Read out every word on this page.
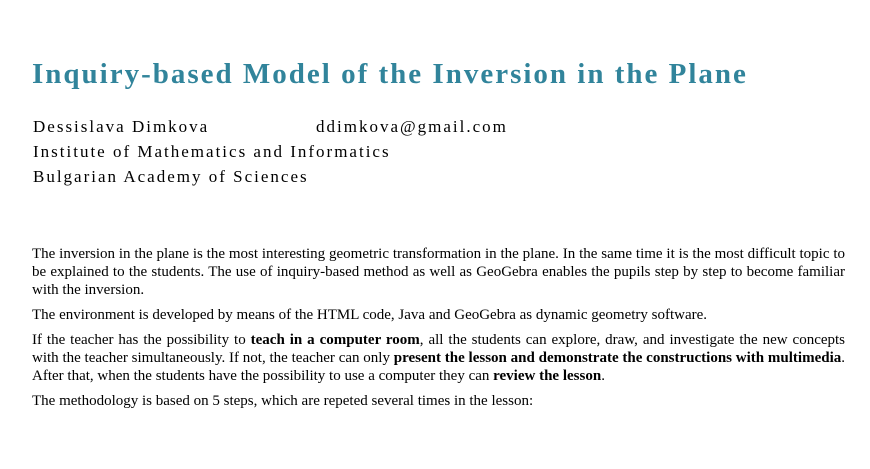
Inquiry-based Model of the Inversion in the Plane
Dessislava Dimkova	ddimkova@gmail.com
Institute of Mathematics and Informatics
Bulgarian Academy of Sciences

The inversion in the plane is the most interesting geometric transformation in the plane. In the same time it is the most difficult topic to be explained to the students. The use of inquiry-based method as well as GeoGebra enables the pupils step by step to become familiar with the inversion.

The environment is developed by means of the HTML code, Java and GeoGebra as dynamic geometry software.

If the teacher has the possibility to teach in a computer room, all the students can explore, draw, and investigate the new concepts with the teacher simultaneously. If not, the teacher can only present the lesson and demonstrate the constructions with multimedia. After that, when the students have the possibility to use a computer they can review the lesson.

The methodology is based on 5 steps, which are repeted several times in the lesson:
